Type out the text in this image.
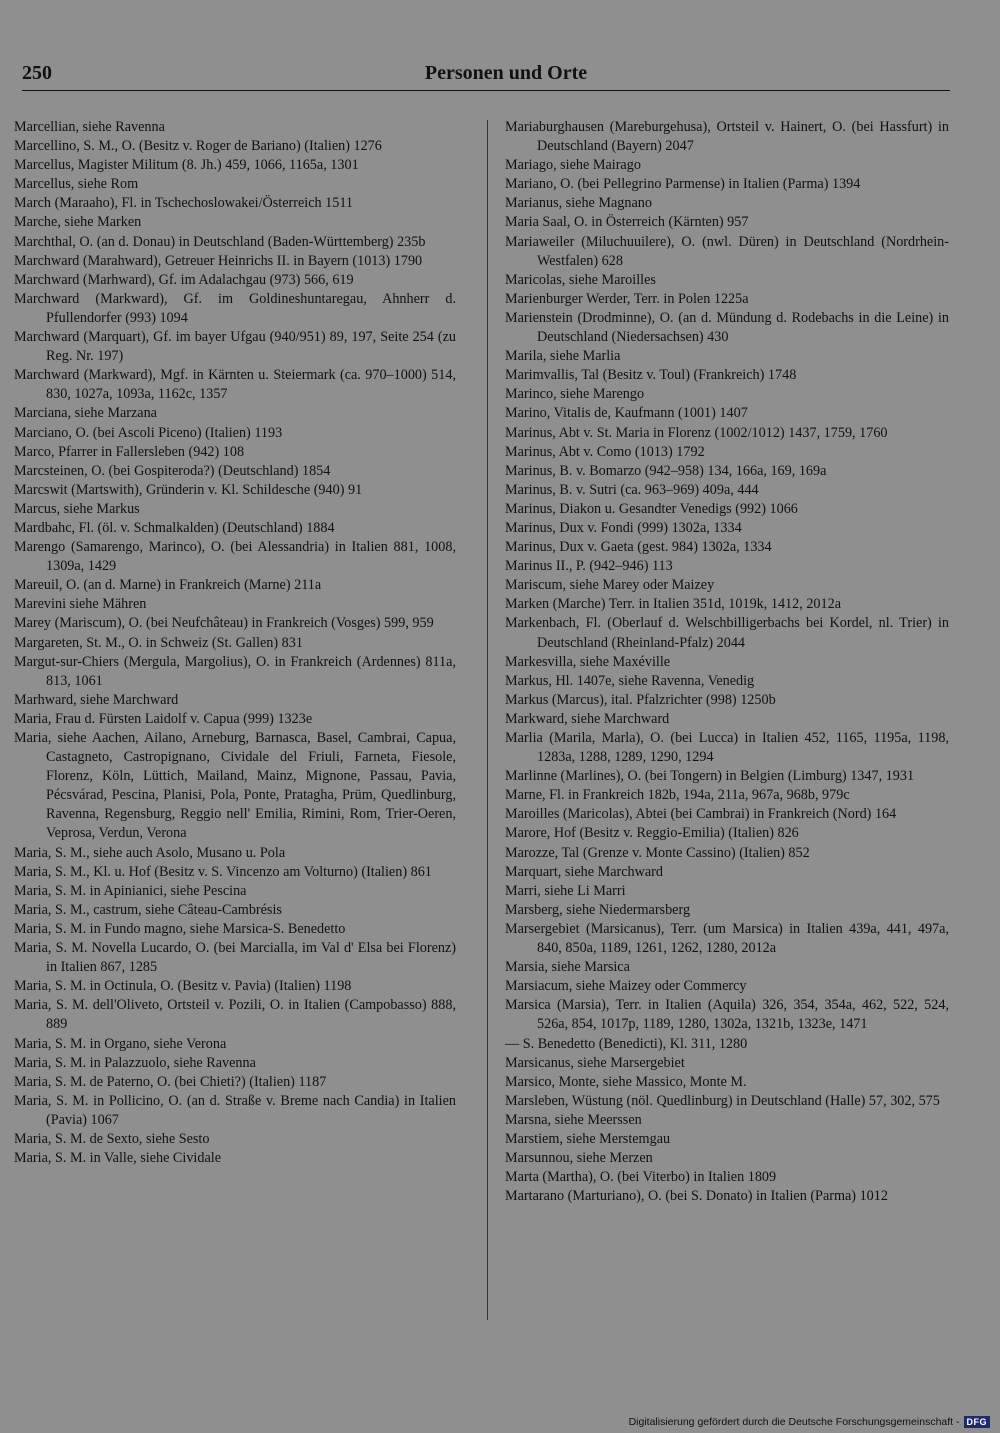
250	Personen und Orte
Marcellian, siehe Ravenna
Marcellino, S. M., O. (Besitz v. Roger de Bariano) (Italien) 1276
Marcellus, Magister Militum (8. Jh.) 459, 1066, 1165a, 1301
Marcellus, siehe Rom
March (Maraaho), Fl. in Tschechoslowakei/Österreich 1511
Marche, siehe Marken
Marchthal, O. (an d. Donau) in Deutschland (Baden-Württemberg) 235b
Marchward (Marahward), Getreuer Heinrichs II. in Bayern (1013) 1790
Marchward (Marhward), Gf. im Adalachgau (973) 566, 619
Marchward (Markward), Gf. im Goldineshuntaregau, Ahnherr d. Pfullendorfer (993) 1094
Marchward (Marquart), Gf. im bayer Ufgau (940/951) 89, 197, Seite 254 (zu Reg. Nr. 197)
Marchward (Markward), Mgf. in Kärnten u. Steiermark (ca. 970–1000) 514, 830, 1027a, 1093a, 1162c, 1357
Marciana, siehe Marzana
Marciano, O. (bei Ascoli Piceno) (Italien) 1193
Marco, Pfarrer in Fallersleben (942) 108
Marcsteinen, O. (bei Gospiteroda?) (Deutschland) 1854
Marcswit (Martswith), Gründerin v. Kl. Schildesche (940) 91
Marcus, siehe Markus
Mardbahc, Fl. (öl. v. Schmalkalden) (Deutschland) 1884
Marengo (Samarengo, Marinco), O. (bei Alessandria) in Italien 881, 1008, 1309a, 1429
Mareuil, O. (an d. Marne) in Frankreich (Marne) 211a
Marevini siehe Mähren
Marey (Mariscum), O. (bei Neufchâteau) in Frankreich (Vosges) 599, 959
Margareten, St. M., O. in Schweiz (St. Gallen) 831
Margut-sur-Chiers (Mergula, Margolius), O. in Frankreich (Ardennes) 811a, 813, 1061
Marhward, siehe Marchward
Maria, Frau d. Fürsten Laidolf v. Capua (999) 1323e
Maria, siehe Aachen, Ailano, Arneburg, Barnasca, Basel, Cambrai, Capua, Castagneto, Castropignano, Cividale del Friuli, Farneta, Fiesole, Florenz, Köln, Lüttich, Mailand, Mainz, Mignone, Passau, Pavia, Pécsvárad, Pescina, Planisi, Pola, Ponte, Pratagha, Prüm, Quedlinburg, Ravenna, Regensburg, Reggio nell' Emilia, Rimini, Rom, Trier-Oeren, Veprosa, Verdun, Verona
Maria, S. M., siehe auch Asolo, Musano u. Pola
Maria, S. M., Kl. u. Hof (Besitz v. S. Vincenzo am Volturno) (Italien) 861
Maria, S. M. in Apinianici, siehe Pescina
Maria, S. M., castrum, siehe Câteau-Cambrésis
Maria, S. M. in Fundo magno, siehe Marsica-S. Benedetto
Maria, S. M. Novella Lucardo, O. (bei Marcialla, im Val d' Elsa bei Florenz) in Italien 867, 1285
Maria, S. M. in Octinula, O. (Besitz v. Pavia) (Italien) 1198
Maria, S. M. dell'Oliveto, Ortsteil v. Pozili, O. in Italien (Campobasso) 888, 889
Maria, S. M. in Organo, siehe Verona
Maria, S. M. in Palazzuolo, siehe Ravenna
Maria, S. M. de Paterno, O. (bei Chieti?) (Italien) 1187
Maria, S. M. in Pollicino, O. (an d. Straße v. Breme nach Candia) in Italien (Pavia) 1067
Maria, S. M. de Sexto, siehe Sesto
Maria, S. M. in Valle, siehe Cividale
Mariaburghausen (Mareburgehusa), Ortsteil v. Hainert, O. (bei Hassfurt) in Deutschland (Bayern) 2047
Mariago, siehe Mairago
Mariano, O. (bei Pellegrino Parmense) in Italien (Parma) 1394
Marianus, siehe Magnano
Maria Saal, O. in Österreich (Kärnten) 957
Mariaweiler (Miluchuuilere), O. (nwl. Düren) in Deutschland (Nordrhein-Westfalen) 628
Maricolas, siehe Maroilles
Marienburger Werder, Terr. in Polen 1225a
Marienstein (Drodminne), O. (an d. Mündung d. Rodebachs in die Leine) in Deutschland (Niedersachsen) 430
Marila, siehe Marlia
Marimvallis, Tal (Besitz v. Toul) (Frankreich) 1748
Marinco, siehe Marengo
Marino, Vitalis de, Kaufmann (1001) 1407
Marinus, Abt v. St. Maria in Florenz (1002/1012) 1437, 1759, 1760
Marinus, Abt v. Como (1013) 1792
Marinus, B. v. Bomarzo (942–958) 134, 166a, 169, 169a
Marinus, B. v. Sutri (ca. 963–969) 409a, 444
Marinus, Diakon u. Gesandter Venedigs (992) 1066
Marinus, Dux v. Fondi (999) 1302a, 1334
Marinus, Dux v. Gaeta (gest. 984) 1302a, 1334
Marinus II., P. (942–946) 113
Mariscum, siehe Marey oder Maizey
Marken (Marche) Terr. in Italien 351d, 1019k, 1412, 2012a
Markenbach, Fl. (Oberlauf d. Welschbilligerbachs bei Kordel, nl. Trier) in Deutschland (Rheinland-Pfalz) 2044
Markesvilla, siehe Maxéville
Markus, Hl. 1407e, siehe Ravenna, Venedig
Markus (Marcus), ital. Pfalzrichter (998) 1250b
Markward, siehe Marchward
Marlia (Marila, Marla), O. (bei Lucca) in Italien 452, 1165, 1195a, 1198, 1283a, 1288, 1289, 1290, 1294
Marlinne (Marlines), O. (bei Tongern) in Belgien (Limburg) 1347, 1931
Marne, Fl. in Frankreich 182b, 194a, 211a, 967a, 968b, 979c
Maroilles (Maricolas), Abtei (bei Cambrai) in Frankreich (Nord) 164
Marore, Hof (Besitz v. Reggio-Emilia) (Italien) 826
Marozze, Tal (Grenze v. Monte Cassino) (Italien) 852
Marquart, siehe Marchward
Marri, siehe Li Marri
Marsberg, siehe Niedermarsberg
Marsergebiet (Marsicanus), Terr. (um Marsica) in Italien 439a, 441, 497a, 840, 850a, 1189, 1261, 1262, 1280, 2012a
Marsia, siehe Marsica
Marsiacum, siehe Maizey oder Commercy
Marsica (Marsia), Terr. in Italien (Aquila) 326, 354, 354a, 462, 522, 524, 526a, 854, 1017p, 1189, 1280, 1302a, 1321b, 1323e, 1471
— S. Benedetto (Benedicti), Kl. 311, 1280
Marsicanus, siehe Marsergebiet
Marsico, Monte, siehe Massico, Monte M.
Marsleben, Wüstung (nöl. Quedlinburg) in Deutschland (Halle) 57, 302, 575
Marsna, siehe Meerssen
Marstiem, siehe Merstemgau
Marsunnou, siehe Merzen
Marta (Martha), O. (bei Viterbo) in Italien 1809
Martarano (Marturiano), O. (bei S. Donato) in Italien (Parma) 1012
Digitalisierung gefördert durch die Deutsche Forschungsgemeinschaft - DFG
